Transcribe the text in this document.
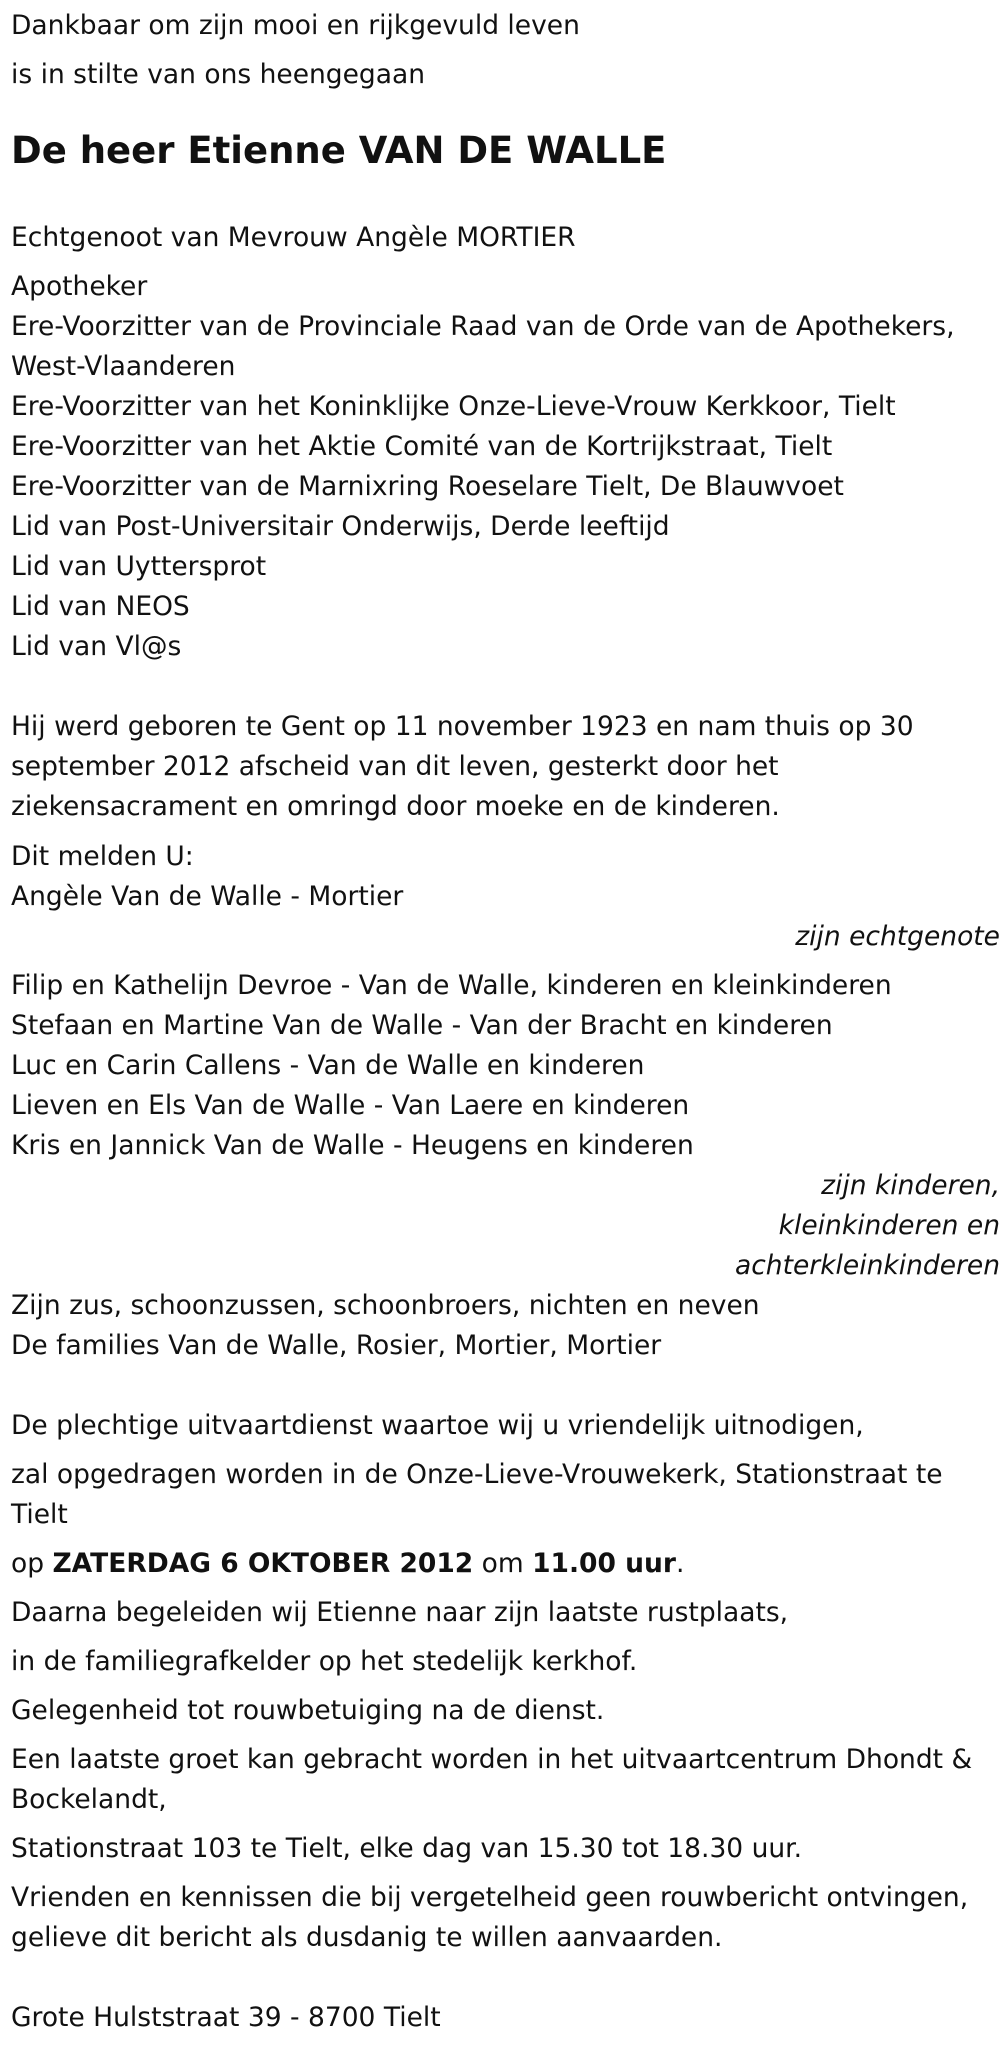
Dankbaar om zijn mooi en rijkgevuld leven

is in stilte van ons heengegaan

De heer Etienne VAN DE WALLE

Echtgenoot van Mevrouw Angèle MORTIER

Apotheker

Ere-Voorzitter van de Provinciale Raad van de Orde van de Apothekers, West-Vlaanderen

Ere-Voorzitter van het Koninklijke Onze-Lieve-Vrouw Kerkkoor, Tielt

Ere-Voorzitter van het Aktie Comité van de Kortrijkstraat, Tielt

Ere-Voorzitter van de Marnixring Roeselare Tielt, De Blauwvoet

Lid van Post-Universitair Onderwijs, Derde leeftijd

Lid van Uyttersprot

Lid van NEOS

Lid van Vl@s

Hij werd geboren te Gent op 11 november 1923 en nam thuis op 30 september 2012 afscheid van dit leven, gesterkt door het ziekensacrament en omringd door moeke en de kinderen.

Dit melden U:

Angèle Van de Walle - Mortier

zijn echtgenote

Filip en Kathelijn Devroe - Van de Walle, kinderen en kleinkinderen

Stefaan en Martine Van de Walle - Van der Bracht en kinderen

Luc en Carin Callens - Van de Walle en kinderen

Lieven en Els Van de Walle - Van Laere en kinderen

Kris en Jannick Van de Walle - Heugens en kinderen

zijn kinderen,

kleinkinderen en

achterkleinkinderen

Zijn zus, schoonzussen, schoonbroers, nichten en neven

De families Van de Walle, Rosier, Mortier, Mortier

De plechtige uitvaartdienst waartoe wij u vriendelijk uitnodigen,

zal opgedragen worden in de Onze-Lieve-Vrouwekerk, Stationstraat te Tielt

op ZATERDAG 6 OKTOBER 2012 om 11.00 uur.

Daarna begeleiden wij Etienne naar zijn laatste rustplaats,

in de familiegrafkelder op het stedelijk kerkhof.

Gelegenheid tot rouwbetuiging na de dienst.

Een laatste groet kan gebracht worden in het uitvaartcentrum Dhondt & Bockelandt,

Stationstraat 103 te Tielt, elke dag van 15.30 tot 18.30 uur.

Vrienden en kennissen die bij vergetelheid geen rouwbericht ontvingen, gelieve dit bericht als dusdanig te willen aanvaarden.

Grote Hulststraat 39 - 8700 Tielt
